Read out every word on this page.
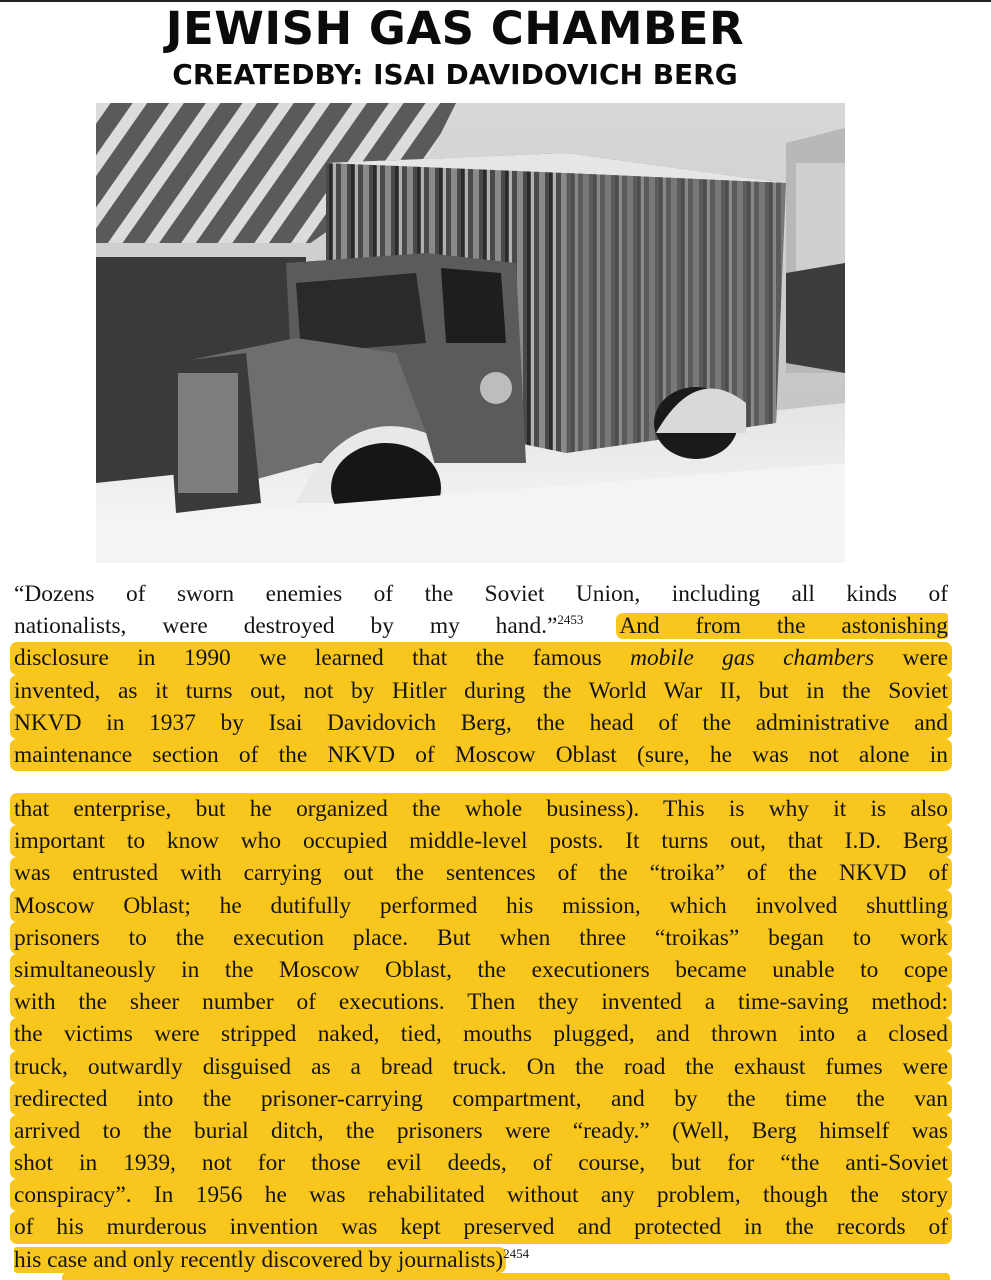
JEWISH GAS CHAMBER
CREATEDBY: ISAI DAVIDOVICH BERG
“Dozens of sworn enemies of the Soviet Union, including all kinds of
nationalists, were destroyed by my hand.”$^{2453}$ And from the astonishing
disclosure in 1990 we learned that the famous mobile gas chambers were
invented, as it turns out, not by Hitler during the World War II, but in the Soviet
NKVD in 1937 by Isai Davidovich Berg, the head of the administrative and
maintenance section of the NKVD of Moscow Oblast (sure, he was not alone in
that enterprise, but he organized the whole business). This is why it is also
important to know who occupied middle-level posts. It turns out, that I.D. Berg
was entrusted with carrying out the sentences of the “troika” of the NKVD of
Moscow Oblast; he dutifully performed his mission, which involved shuttling
prisoners to the execution place. But when three “troikas” began to work
simultaneously in the Moscow Oblast, the executioners became unable to cope
with the sheer number of executions. Then they invented a time-saving method:
the victims were stripped naked, tied, mouths plugged, and thrown into a closed
truck, outwardly disguised as a bread truck. On the road the exhaust fumes were
redirected into the prisoner-carrying compartment, and by the time the van
arrived to the burial ditch, the prisoners were “ready.” (Well, Berg himself was
shot in 1939, not for those evil deeds, of course, but for “the anti-Soviet
conspiracy”. In 1956 he was rehabilitated without any problem, though the story
of his murderous invention was kept preserved and protected in the records of
his case and only recently discovered by journalists)$^{2454}$
